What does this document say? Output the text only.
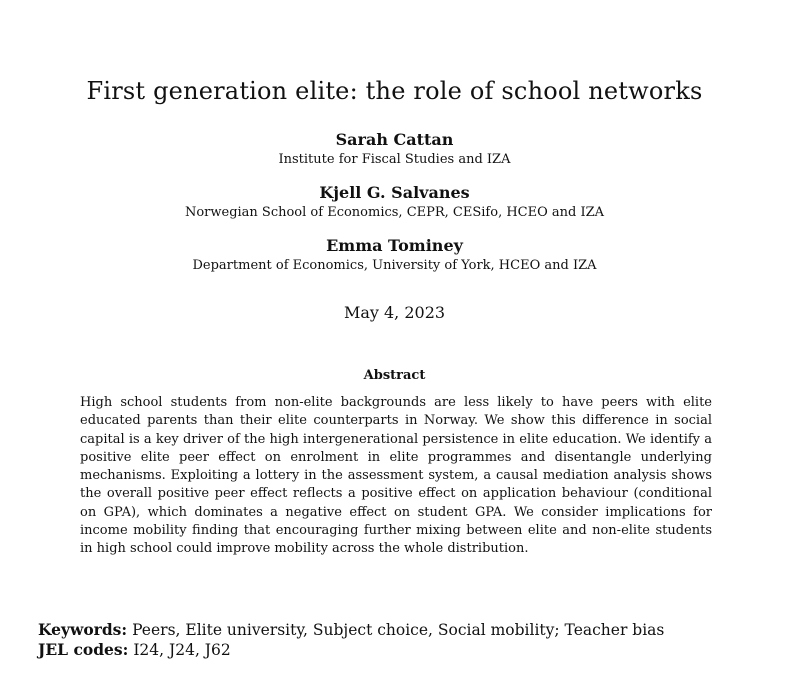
First generation elite: the role of school networks
Sarah Cattan
Institute for Fiscal Studies and IZA
Kjell G. Salvanes
Norwegian School of Economics, CEPR, CESifo, HCEO and IZA
Emma Tominey
Department of Economics, University of York, HCEO and IZA
May 4, 2023
Abstract

High school students from non-elite backgrounds are less likely to have peers with elite educated parents than their elite counterparts in Norway. We show this difference in social capital is a key driver of the high intergenerational persistence in elite education. We identify a positive elite peer effect on enrolment in elite programmes and disentangle underlying mechanisms. Exploiting a lottery in the assessment system, a causal mediation analysis shows the overall positive peer effect reflects a positive effect on application behaviour (conditional on GPA), which dominates a negative effect on student GPA. We consider implications for income mobility finding that encouraging further mixing between elite and non-elite students in high school could improve mobility across the whole distribution.

Keywords: Peers, Elite university, Subject choice, Social mobility; Teacher bias
JEL codes: I24, J24, J62
